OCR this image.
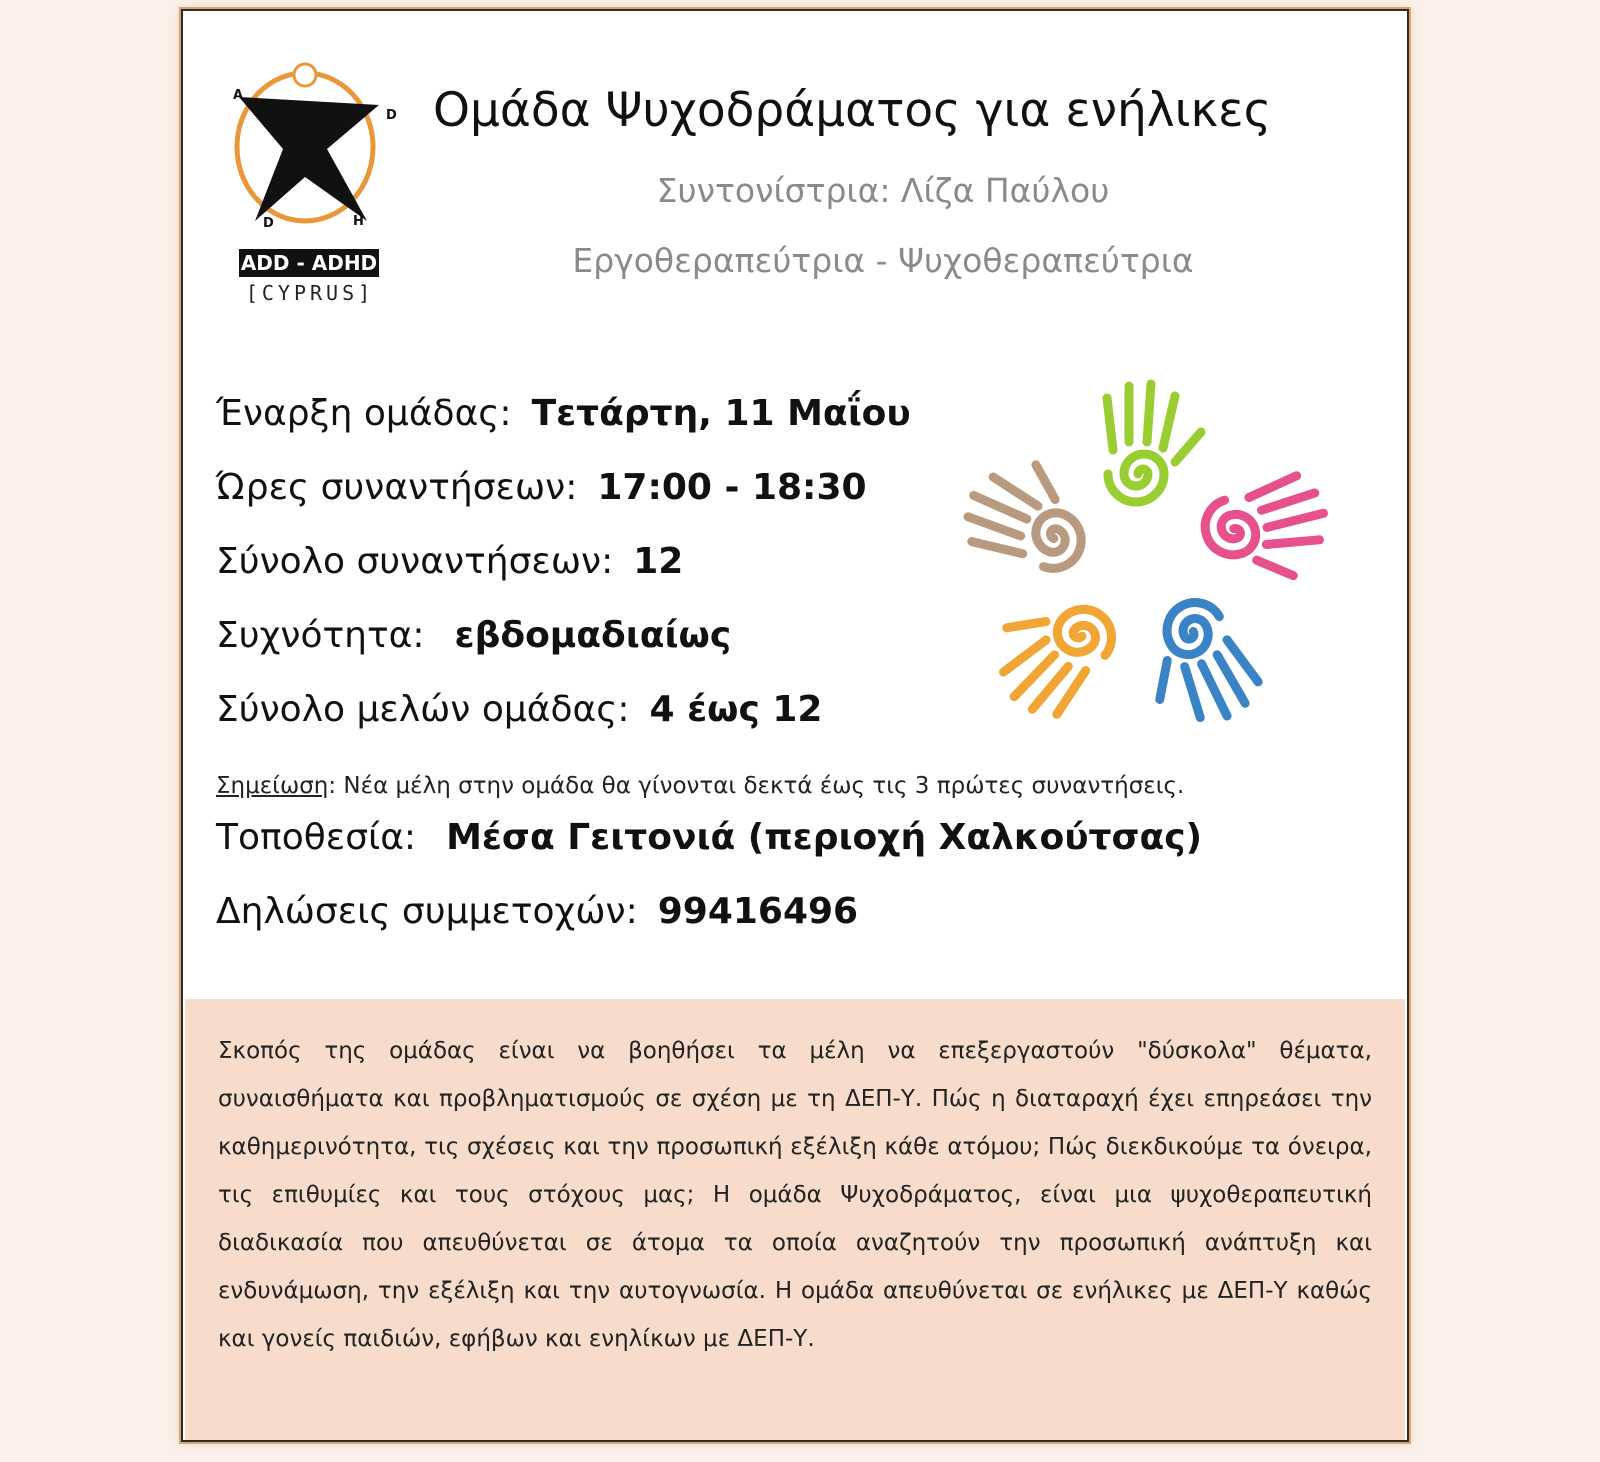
A
D
D	H
ADD - ADHD
[CYPRUS]
Ομάδα Ψυχοδράματος για ενήλικες
Συντονίστρια: Λίζα Παύλου
Εργοθεραπεύτρια - Ψυχοθεραπεύτρια
Έναρξη ομάδας: Τετάρτη, 11 Μαΐου
Ώρες συναντήσεων: 17:00 - 18:30
Σύνολο συναντήσεων: 12
Συχνότητα: εβδομαδιαίως
Σύνολο μελών ομάδας: 4 έως 12
Σημείωση: Νέα μέλη στην ομάδα θα γίνονται δεκτά έως τις 3 πρώτες συναντήσεις.
Τοποθεσία: Μέσα Γειτονιά (περιοχή Χαλκούτσας)
Δηλώσεις συμμετοχών: 99416496

Σκοπός της ομάδας είναι να βοηθήσει τα μέλη να επεξεργαστούν "δύσκολα" θέματα, συναισθήματα και προβληματισμούς σε σχέση με τη ΔΕΠ-Υ. Πώς η διαταραχή έχει επηρεάσει την καθημερινότητα, τις σχέσεις και την προσωπική εξέλιξη κάθε ατόμου; Πώς διεκδικούμε τα όνειρα, τις επιθυμίες και τους στόχους μας; Η ομάδα Ψυχοδράματος, είναι μια ψυχοθεραπευτική διαδικασία που απευθύνεται σε άτομα τα οποία αναζητούν την προσωπική ανάπτυξη και ενδυνάμωση, την εξέλιξη και την αυτογνωσία. Η ομάδα απευθύνεται σε ενήλικες με ΔΕΠ-Υ καθώς και γονείς παιδιών, εφήβων και ενηλίκων με ΔΕΠ-Υ.
